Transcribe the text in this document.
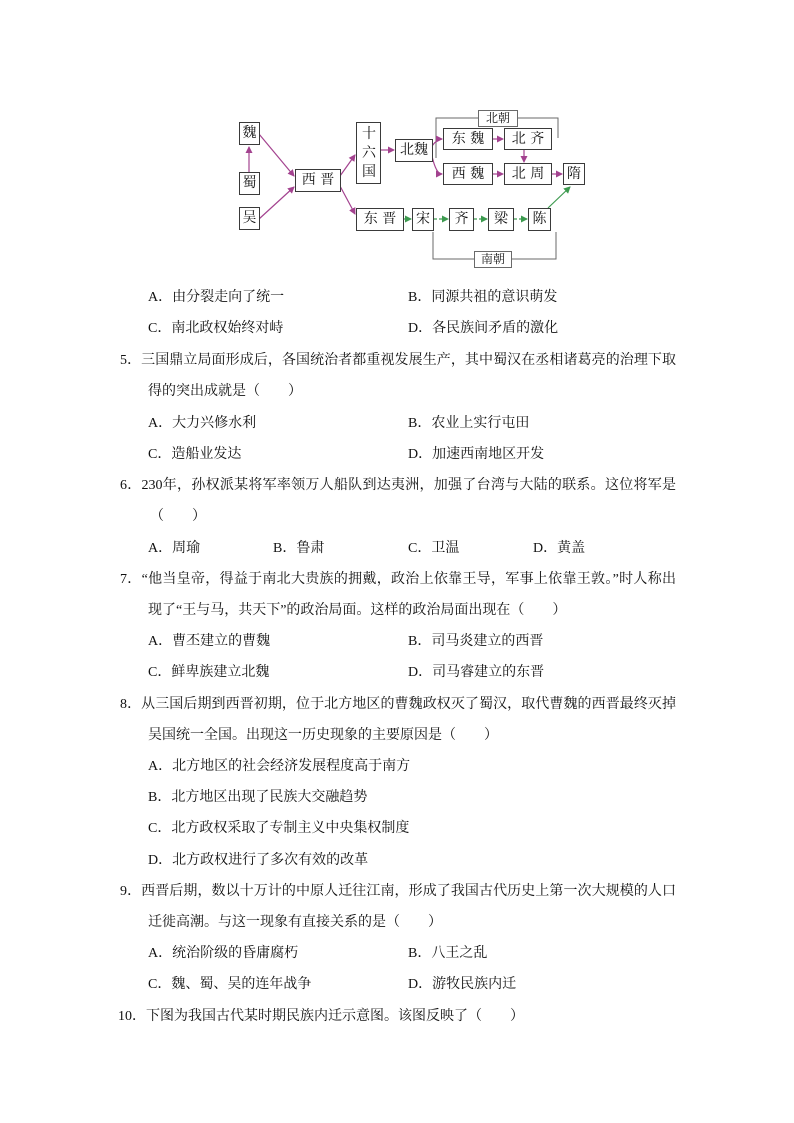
魏
蜀
吴
西 晋
十六国
北魏
东 魏	北 齐
西 魏	北 周	隋
东 晋	宋	齐	梁	陈
北朝
南朝
A．由分裂走向了统一	B．同源共祖的意识萌发
C．南北政权始终对峙	D．各民族间矛盾的激化
5．三国鼎立局面形成后，各国统治者都重视发展生产，其中蜀汉在丞相诸葛亮的治理下取
得的突出成就是（　　）
A．大力兴修水利	B．农业上实行屯田
C．造船业发达	D．加速西南地区开发
6．230年，孙权派某将军率领万人船队到达夷洲，加强了台湾与大陆的联系。这位将军是
（　　）
A．周瑜	B．鲁肃	C．卫温	D．黄盖
7．“他当皇帝，得益于南北大贵族的拥戴，政治上依靠王导，军事上依靠王敦。”时人称出
现了“王与马，共天下”的政治局面。这样的政治局面出现在（　　）
A．曹丕建立的曹魏	B．司马炎建立的西晋
C．鲜卑族建立北魏	D．司马睿建立的东晋
8．从三国后期到西晋初期，位于北方地区的曹魏政权灭了蜀汉，取代曹魏的西晋最终灭掉
吴国统一全国。出现这一历史现象的主要原因是（　　）
A．北方地区的社会经济发展程度高于南方
B．北方地区出现了民族大交融趋势
C．北方政权采取了专制主义中央集权制度
D．北方政权进行了多次有效的改革
9．西晋后期，数以十万计的中原人迁往江南，形成了我国古代历史上第一次大规模的人口
迁徙高潮。与这一现象有直接关系的是（　　）
A．统治阶级的昏庸腐朽	B．八王之乱
C．魏、蜀、吴的连年战争	D．游牧民族内迁
10．下图为我国古代某时期民族内迁示意图。该图反映了（　　）
